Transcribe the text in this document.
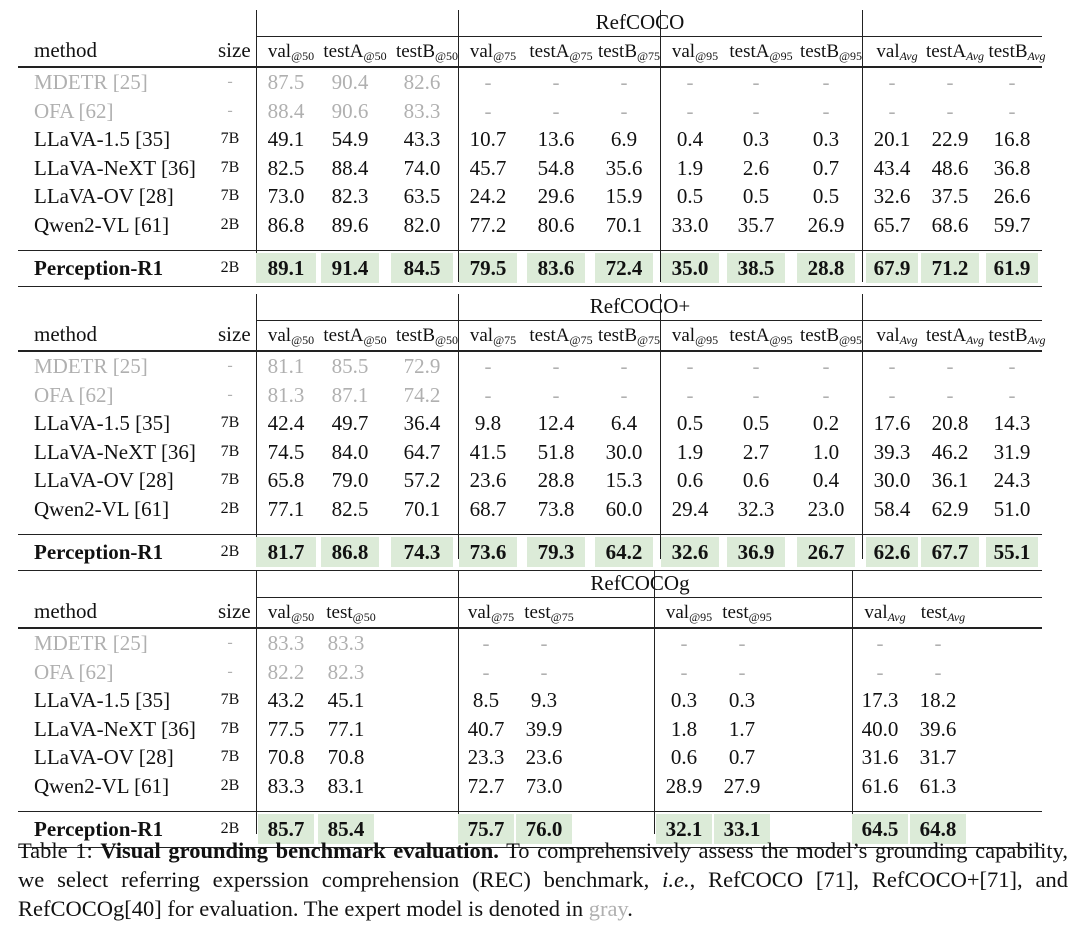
RefCOCO
method	size val$_{@50}$ testA$_{@50}$ testB$_{@50}$ val$_{@75}$ testA$_{@75}$ testB$_{@75}$ val$_{@95}$ testA$_{@95}$ testB$_{@95}$ val$_{Avg}$ testA$_{Avg}$ testB$_{Avg}$
MDETR [25]	-	87.5	90.4	82.6	-	-	-	-	-	-	-	-	-
OFA [62]	-	88.4	90.6	83.3	-	-	-	-	-	-	-	-	-
LLaVA-1.5 [35]	7B	49.1	54.9	43.3	10.7	13.6	6.9	0.4	0.3	0.3	20.1	22.9	16.8
LLaVA-NeXT [36] 7B	82.5	88.4	74.0	45.7	54.8	35.6	1.9	2.6	0.7	43.4	48.6	36.8
LLaVA-OV [28]	7B	73.0	82.3	63.5	24.2	29.6	15.9	0.5	0.5	0.5	32.6	37.5	26.6
Qwen2-VL [61]	2B	86.8	89.6	82.0	77.2	80.6	70.1	33.0	35.7	26.9	65.7	68.6	59.7
Perception-R1	2B	89.1	91.4	84.5	79.5	83.6	72.4	35.0	38.5	28.8	67.9	71.2	61.9
RefCOCO+
method	size val$_{@50}$ testA$_{@50}$ testB$_{@50}$ val$_{@75}$ testA$_{@75}$ testB$_{@75}$ val$_{@95}$ testA$_{@95}$ testB$_{@95}$ val$_{Avg}$ testA$_{Avg}$ testB$_{Avg}$
MDETR [25]	-	81.1	85.5	72.9	-	-	-	-	-	-	-	-	-
OFA [62]	-	81.3	87.1	74.2	-	-	-	-	-	-	-	-	-
LLaVA-1.5 [35]	7B	42.4	49.7	36.4	9.8	12.4	6.4	0.5	0.5	0.2	17.6	20.8	14.3
LLaVA-NeXT [36] 7B	74.5	84.0	64.7	41.5	51.8	30.0	1.9	2.7	1.0	39.3	46.2	31.9
LLaVA-OV [28]	7B	65.8	79.0	57.2	23.6	28.8	15.3	0.6	0.6	0.4	30.0	36.1	24.3
Qwen2-VL [61]	2B	77.1	82.5	70.1	68.7	73.8	60.0	29.4	32.3	23.0	58.4	62.9	51.0
Perception-R1	2B	81.7	86.8	74.3	73.6	79.3	64.2	32.6	36.9	26.7	62.6	67.7	55.1
RefCOCOg
method	size val$_{@50}$ test$_{@50}$	val$_{@75}$ test$_{@75}$	val$_{@95}$ test$_{@95}$	val$_{Avg}$ test$_{Avg}$
MDETR [25]	-	83.3	83.3	-	-	-	-	-	-
OFA [62]	-	82.2	82.3	-	-	-	-	-	-
LLaVA-1.5 [35]	7B	43.2	45.1	8.5	9.3	0.3	0.3	17.3	18.2
LLaVA-NeXT [36] 7B	77.5	77.1	40.7	39.9	1.8	1.7	40.0	39.6
LLaVA-OV [28]	7B	70.8	70.8	23.3	23.6	0.6	0.7	31.6	31.7
Qwen2-VL [61]	2B	83.3	83.1	72.7	73.0	28.9	27.9	61.6	61.3
Perception-R1	2B	85.7	85.4	75.7	76.0	32.1	33.1	64.5	64.8
Table 1: Visual grounding benchmark evaluation. To comprehensively assess the model’s grounding capability, we select referring experssion comprehension (REC) benchmark, i.e., RefCOCO [71], RefCOCO+[71], and RefCOCOg[40] for evaluation. The expert model is denoted in gray.
